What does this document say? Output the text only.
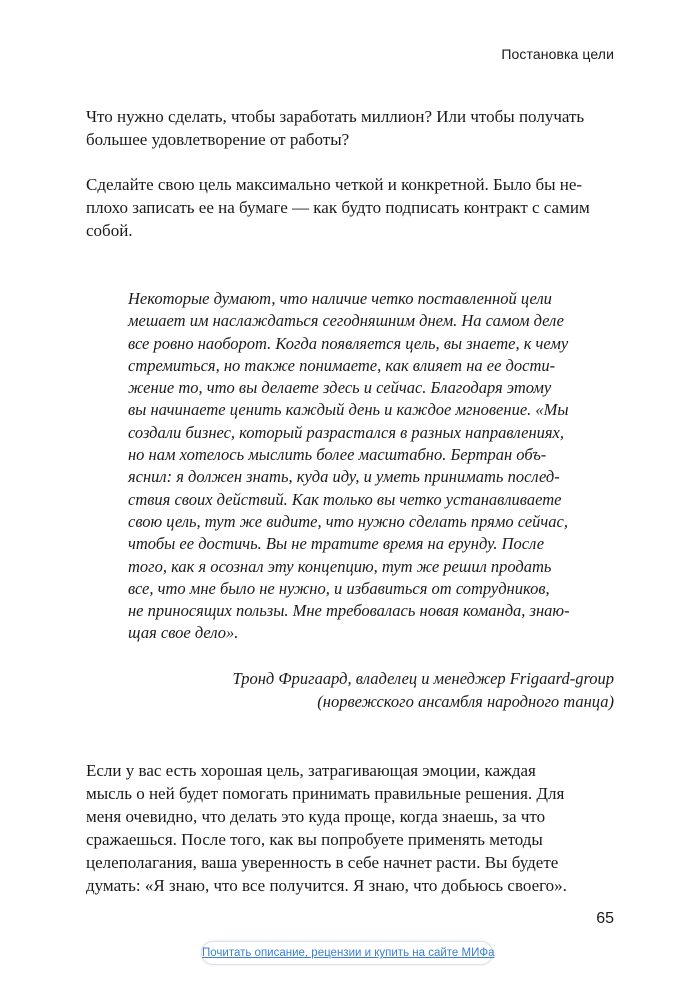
Постановка цели
Что нужно сделать, чтобы заработать миллион? Или чтобы получать
большее удовлетворение от работы?
Сделайте свою цель максимально четкой и конкретной. Было бы не-
плохо записать ее на бумаге — как будто подписать контракт с самим
собой.
Некоторые думают, что наличие четко поставленной цели
мешает им наслаждаться сегодняшним днем. На самом деле
все ровно наоборот. Когда появляется цель, вы знаете, к чему
стремиться, но также понимаете, как влияет на ее дости-
жение то, что вы делаете здесь и сейчас. Благодаря этому
вы начинаете ценить каждый день и каждое мгновение. «Мы
создали бизнес, который разрастался в разных направлениях,
но нам хотелось мыслить более масштабно. Бертран объ-
яснил: я должен знать, куда иду, и уметь принимать послед-
ствия своих действий. Как только вы четко устанавливаете
свою цель, тут же видите, что нужно сделать прямо сейчас,
чтобы ее достичь. Вы не тратите время на ерунду. После
того, как я осознал эту концепцию, тут же решил продать
все, что мне было не нужно, и избавиться от сотрудников,
не приносящих пользы. Мне требовалась новая команда, знаю-
щая свое дело».
Тронд Фригаард, владелец и менеджер Frigaard-group
(норвежского ансамбля народного танца)
Если у вас есть хорошая цель, затрагивающая эмоции, каждая
мысль о ней будет помогать принимать правильные решения. Для
меня очевидно, что делать это куда проще, когда знаешь, за что
сражаешься. После того, как вы попробуете применять методы
целеполагания, ваша уверенность в себе начнет расти. Вы будете
думать: «Я знаю, что все получится. Я знаю, что добьюсь своего».
65
Почитать описание, рецензии и купить на сайте МИФа
